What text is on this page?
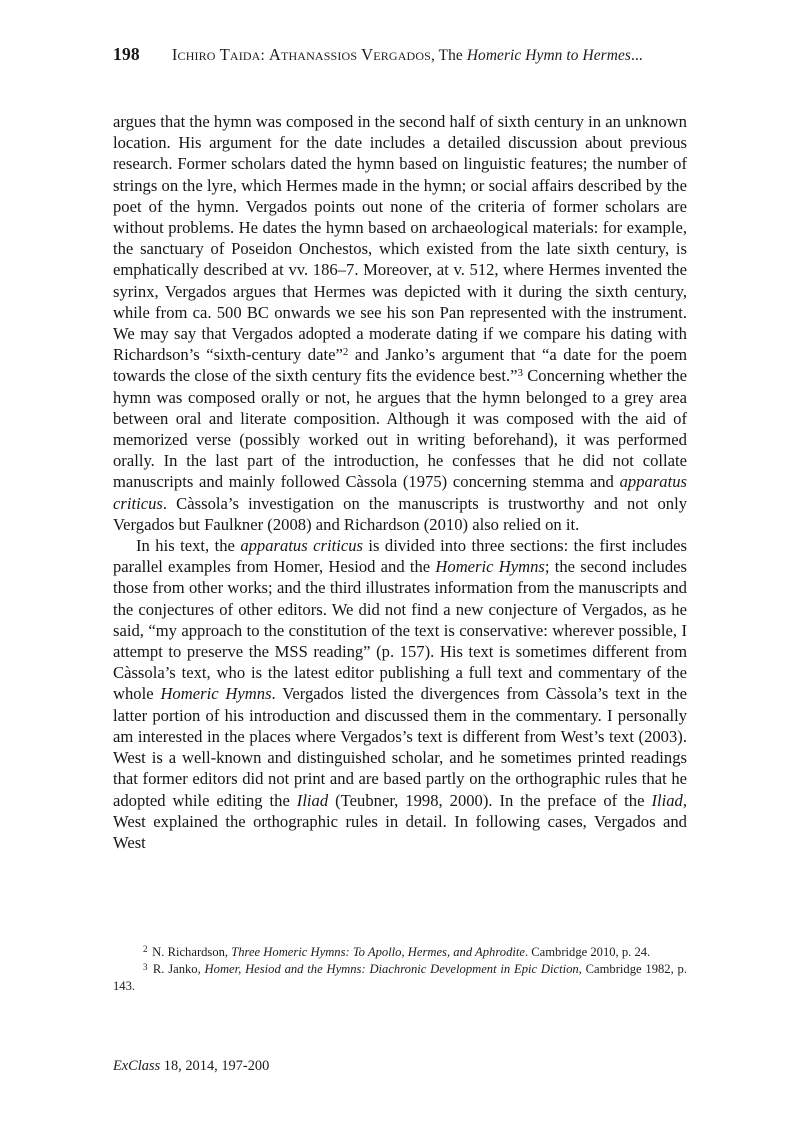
198 Ichiro Taida: Athanassios Vergados, The Homeric Hymn to Hermes...

argues that the hymn was composed in the second half of sixth century in an unknown location. His argument for the date includes a detailed discussion about previous research. Former scholars dated the hymn based on linguistic features; the number of strings on the lyre, which Hermes made in the hymn; or social affairs described by the poet of the hymn. Vergados points out none of the criteria of former scholars are without problems. He dates the hymn based on archaeological materials: for example, the sanctuary of Poseidon Onchestos, which existed from the late sixth century, is emphatically described at vv. 186–7. Moreover, at v. 512, where Hermes invented the syrinx, Vergados argues that Hermes was depicted with it during the sixth century, while from ca. 500 BC onwards we see his son Pan represented with the instrument. We may say that Vergados adopted a moderate dating if we compare his dating with Richardson’s “sixth-century date”$^2$ and Janko’s argument that “a date for the poem towards the close of the sixth century fits the evidence best.”$^3$ Concerning whether the hymn was composed orally or not, he argues that the hymn belonged to a grey area between oral and literate composition. Although it was composed with the aid of memorized verse (possibly worked out in writing beforehand), it was performed orally. In the last part of the introduction, he confesses that he did not collate manuscripts and mainly followed Càssola (1975) concerning stemma and apparatus criticus. Càssola’s investigation on the manuscripts is trustworthy and not only Vergados but Faulkner (2008) and Richardson (2010) also relied on it.

In his text, the apparatus criticus is divided into three sections: the first includes parallel examples from Homer, Hesiod and the Homeric Hymns; the second includes those from other works; and the third illustrates information from the manuscripts and the conjectures of other editors. We did not find a new conjecture of Vergados, as he said, “my approach to the constitution of the text is conservative: wherever possible, I attempt to preserve the MSS reading” (p. 157). His text is sometimes different from Càssola’s text, who is the latest editor publishing a full text and commentary of the whole Homeric Hymns. Vergados listed the divergences from Càssola’s text in the latter portion of his introduction and discussed them in the commentary. I personally am interested in the places where Vergados’s text is different from West’s text (2003). West is a well-known and distinguished scholar, and he sometimes printed readings that former editors did not print and are based partly on the orthographic rules that he adopted while editing the Iliad (Teubner, 1998, 2000). In the preface of the Iliad, West explained the orthographic rules in detail. In following cases, Vergados and West

$^2$ N. Richardson, Three Homeric Hymns: To Apollo, Hermes, and Aphrodite. Cambridge 2010, p. 24.

$^3$ R. Janko, Homer, Hesiod and the Hymns: Diachronic Development in Epic Diction, Cambridge 1982, p. 143.

ExClass 18, 2014, 197-200
